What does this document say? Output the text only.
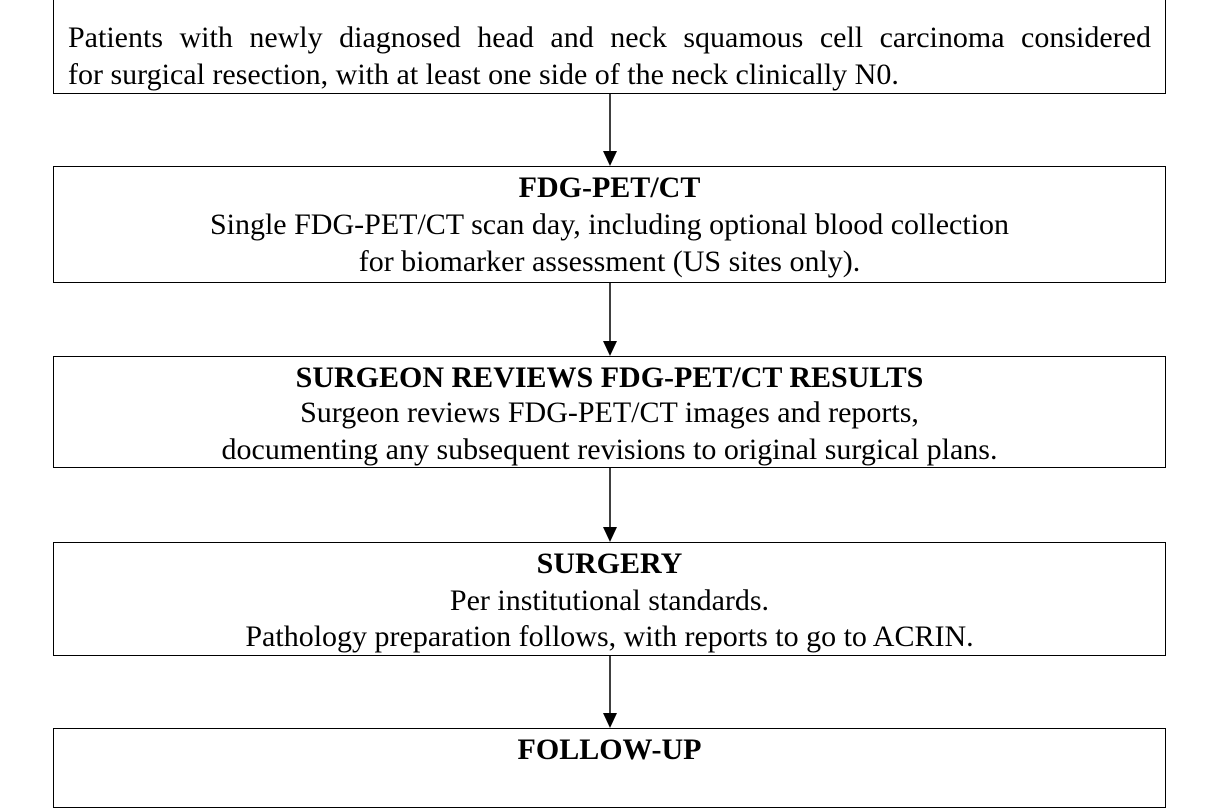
Patients with newly diagnosed head and neck squamous cell carcinoma considered
for surgical resection, with at least one side of the neck clinically N0.
FDG-PET/CT
Single FDG-PET/CT scan day, including optional blood collection
for biomarker assessment (US sites only).
SURGEON REVIEWS FDG-PET/CT RESULTS
Surgeon reviews FDG-PET/CT images and reports,
documenting any subsequent revisions to original surgical plans.
SURGERY
Per institutional standards.
Pathology preparation follows, with reports to go to ACRIN.
FOLLOW-UP
